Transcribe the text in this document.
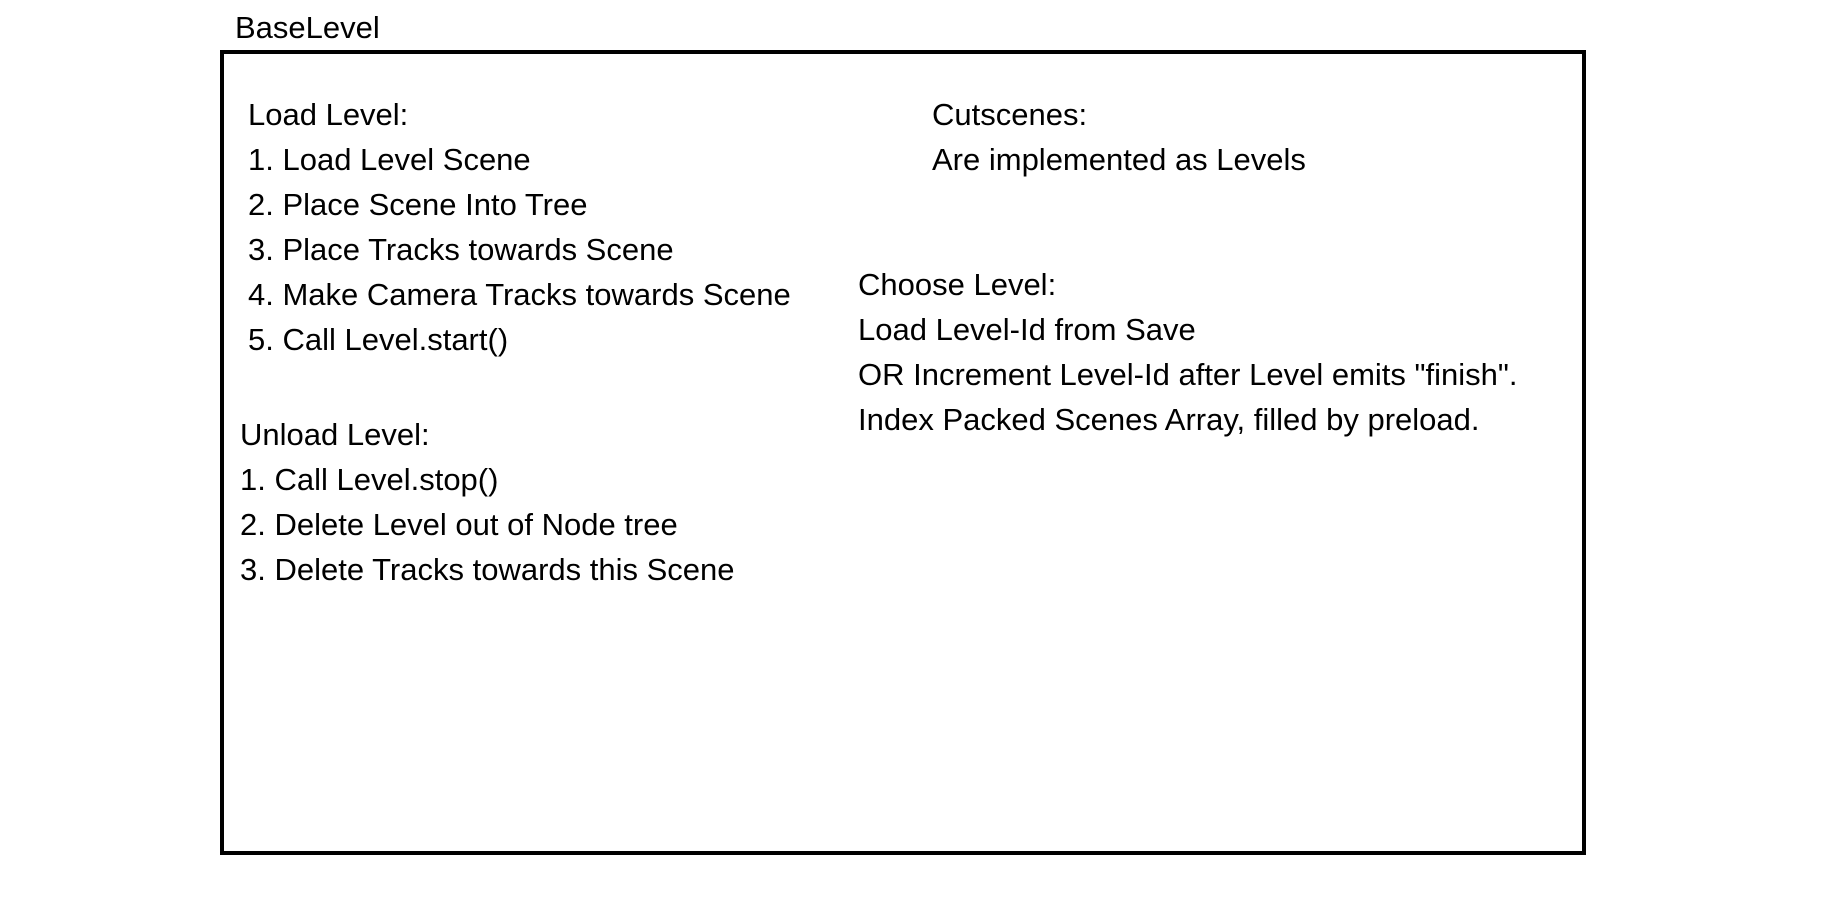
BaseLevel
Load Level:
1. Load Level Scene
2. Place Scene Into Tree
3. Place Tracks towards Scene
4. Make Camera Tracks towards Scene
5. Call Level.start()
Unload Level:
1. Call Level.stop()
2. Delete Level out of Node tree
3. Delete Tracks towards this Scene
Cutscenes:
Are implemented as Levels
Choose Level:
Load Level-Id from Save
OR Increment Level-Id after Level emits "finish".
Index Packed Scenes Array, filled by preload.
